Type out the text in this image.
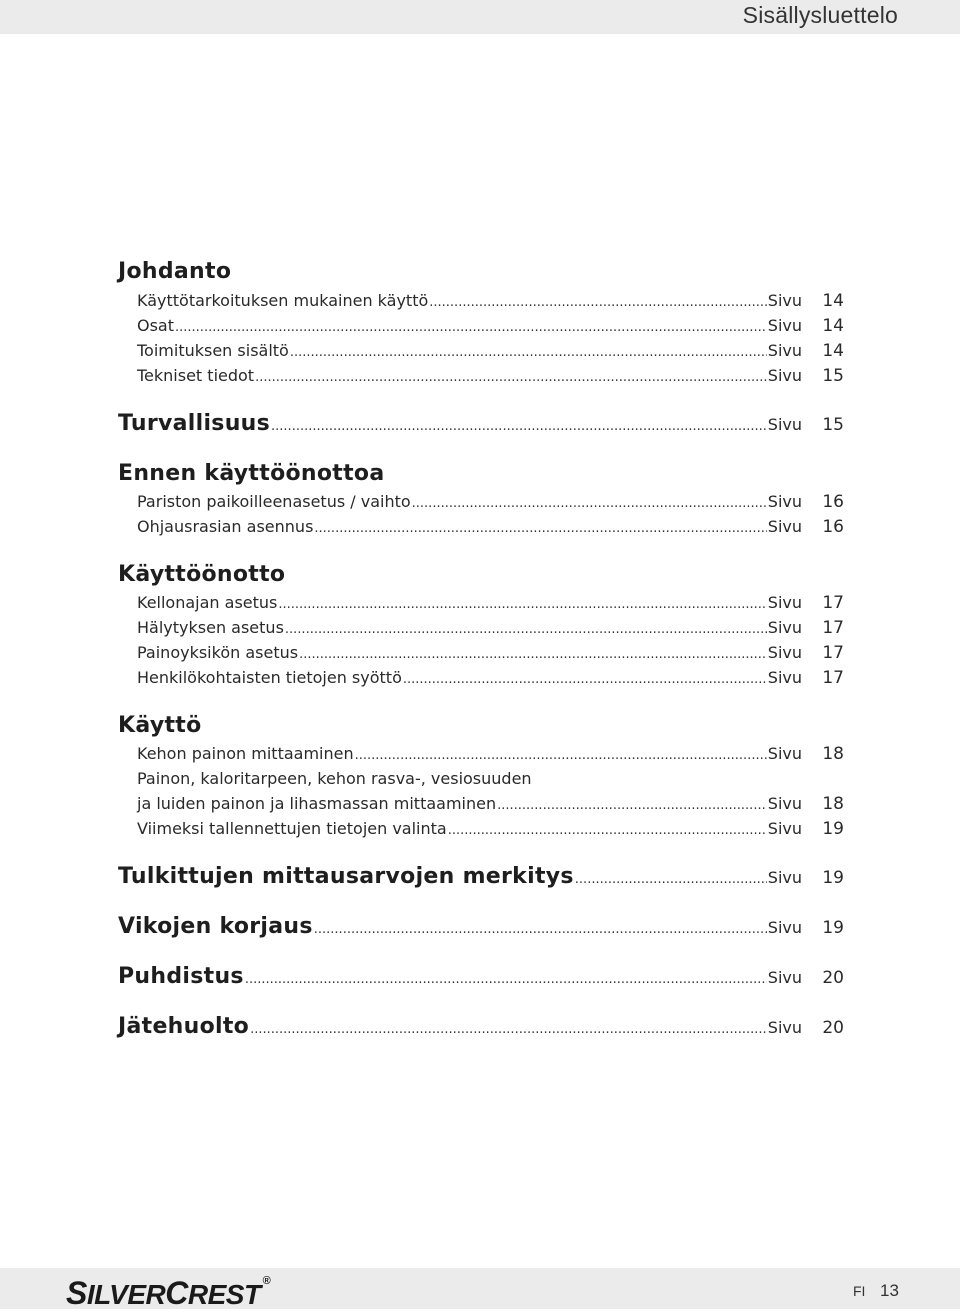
Sisällysluettelo
Johdanto
Käyttötarkoituksen mukainen käyttö .....	Sivu	14
Osat .....	Sivu	14
Toimituksen sisältö .....	Sivu	14
Tekniset tiedot .....	Sivu	15
Turvallisuus .....	Sivu	15
Ennen käyttöönottoa
Pariston paikoilleenasetus / vaihto .....	Sivu	16
Ohjausrasian asennus .....	Sivu	16
Käyttöönotto
Kellonajan asetus .....	Sivu	17
Hälytyksen asetus .....	Sivu	17
Painoyksikön asetus .....	Sivu	17
Henkilökohtaisten tietojen syöttö .....	Sivu	17
Käyttö
Kehon painon mittaaminen .....	Sivu	18
Painon, kaloritarpeen, kehon rasva-, vesiosuuden
ja luiden painon ja lihasmassan mittaaminen .....	Sivu	18
Viimeksi tallennettujen tietojen valinta .....	Sivu	19
Tulkittujen mittausarvojen merkitys .....	Sivu	19
Vikojen korjaus .....	Sivu	19
Puhdistus .....	Sivu	20
Jätehuolto .....	Sivu	20
SILVERCREST ®
FI 13
